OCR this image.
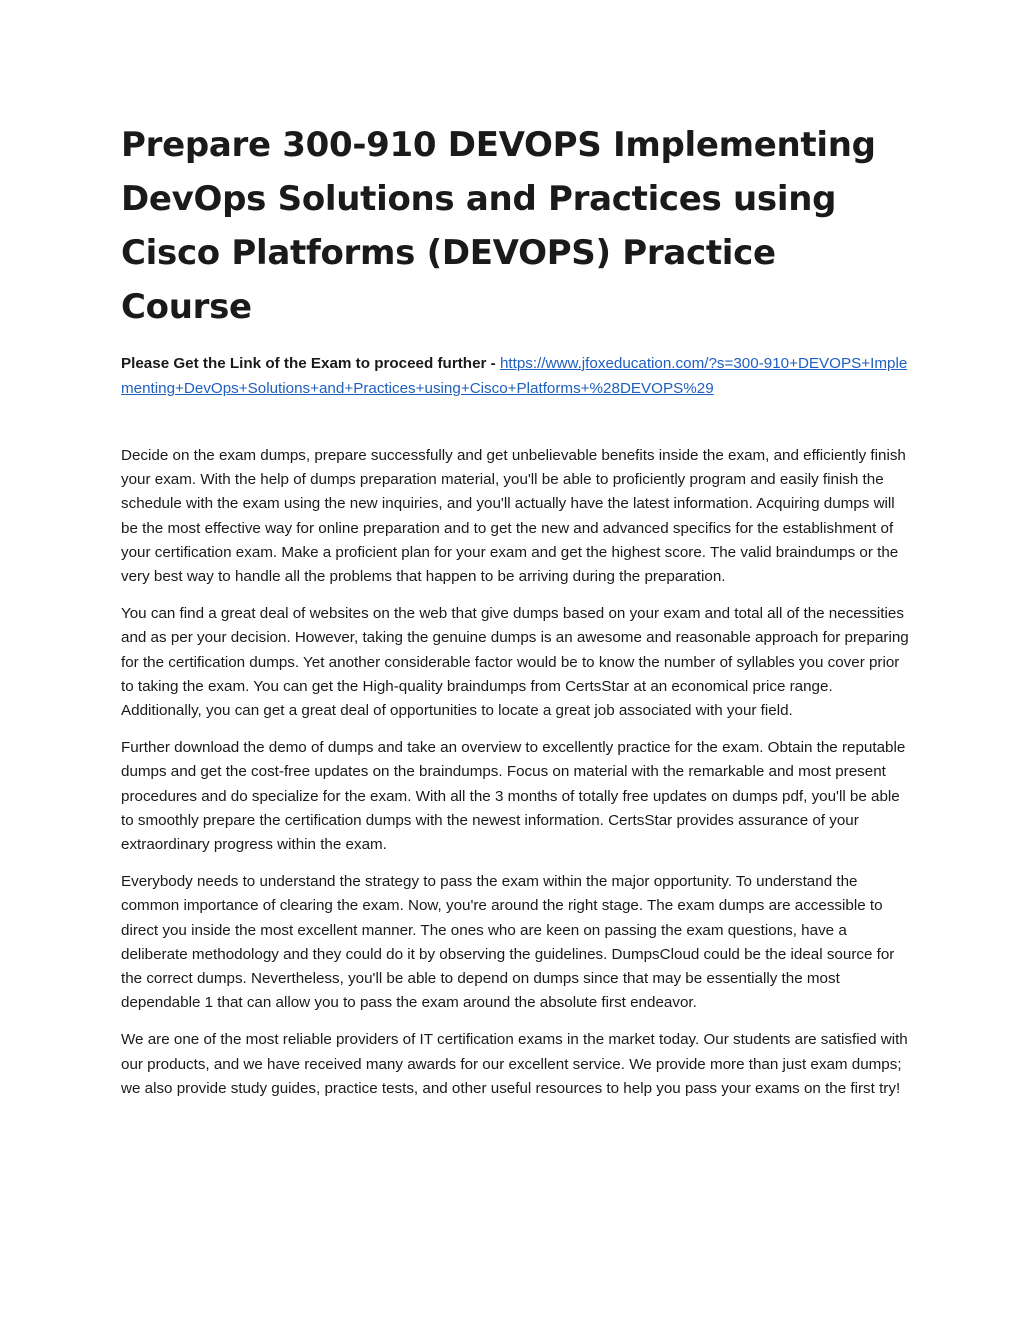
Prepare 300-910 DEVOPS Implementing DevOps Solutions and Practices using Cisco Platforms (DEVOPS) Practice Course
Please Get the Link of the Exam to proceed further - https://www.jfoxeducation.com/?s=300-910+DEVOPS+Implementing+DevOps+Solutions+and+Practices+using+Cisco+Platforms+%28DEVOPS%29

Decide on the exam dumps, prepare successfully and get unbelievable benefits inside the exam, and efficiently finish your exam. With the help of dumps preparation material, you'll be able to proficiently program and easily finish the schedule with the exam using the new inquiries, and you'll actually have the latest information. Acquiring dumps will be the most effective way for online preparation and to get the new and advanced specifics for the establishment of your certification exam. Make a proficient plan for your exam and get the highest score. The valid braindumps or the very best way to handle all the problems that happen to be arriving during the preparation.

You can find a great deal of websites on the web that give dumps based on your exam and total all of the necessities and as per your decision. However, taking the genuine dumps is an awesome and reasonable approach for preparing for the certification dumps. Yet another considerable factor would be to know the number of syllables you cover prior to taking the exam. You can get the High-quality braindumps from CertsStar at an economical price range. Additionally, you can get a great deal of opportunities to locate a great job associated with your field.

Further download the demo of dumps and take an overview to excellently practice for the exam. Obtain the reputable dumps and get the cost-free updates on the braindumps. Focus on material with the remarkable and most present procedures and do specialize for the exam. With all the 3 months of totally free updates on dumps pdf, you'll be able to smoothly prepare the certification dumps with the newest information. CertsStar provides assurance of your extraordinary progress within the exam.

Everybody needs to understand the strategy to pass the exam within the major opportunity. To understand the common importance of clearing the exam. Now, you're around the right stage. The exam dumps are accessible to direct you inside the most excellent manner. The ones who are keen on passing the exam questions, have a deliberate methodology and they could do it by observing the guidelines. DumpsCloud could be the ideal source for the correct dumps. Nevertheless, you'll be able to depend on dumps since that may be essentially the most dependable 1 that can allow you to pass the exam around the absolute first endeavor.

We are one of the most reliable providers of IT certification exams in the market today. Our students are satisfied with our products, and we have received many awards for our excellent service. We provide more than just exam dumps; we also provide study guides, practice tests, and other useful resources to help you pass your exams on the first try!
